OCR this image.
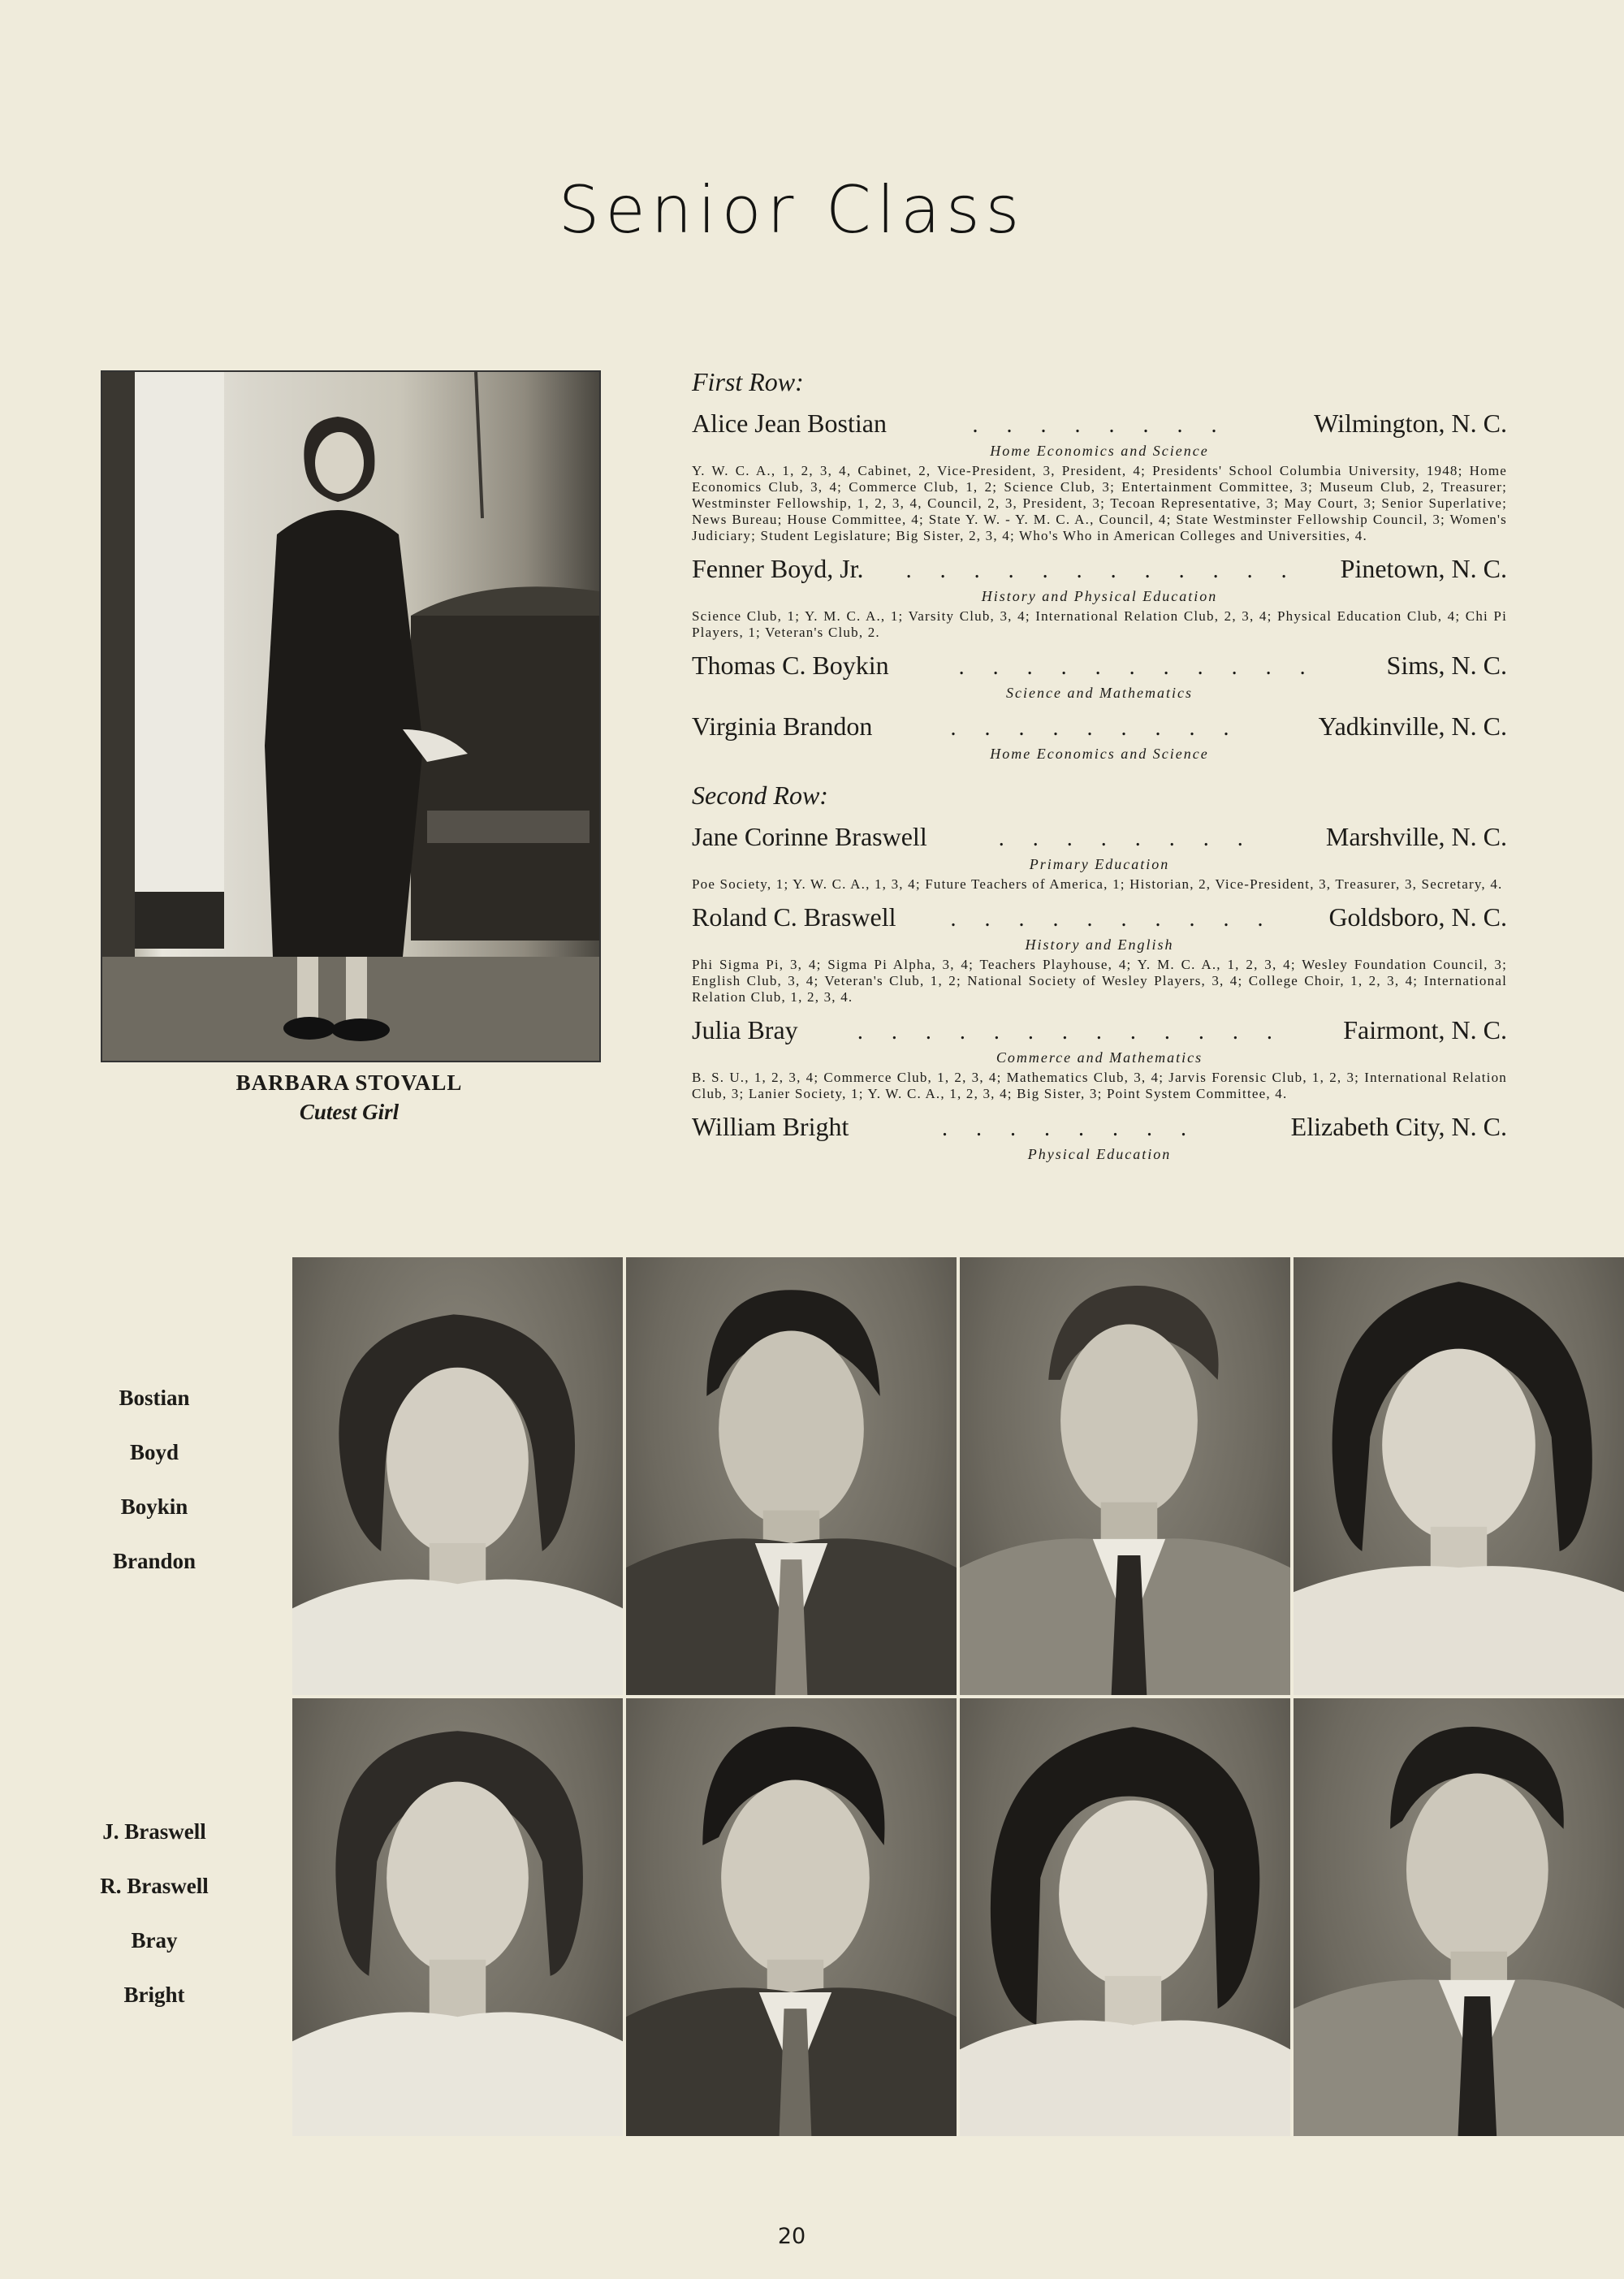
Senior Class
BARBARA STOVALL
Cutest Girl
First Row:
Alice Jean Bostian	. . . . . . . .	Wilmington, N. C.
Home Economics and Science
Y. W. C. A., 1, 2, 3, 4, Cabinet, 2, Vice-President, 3, President, 4; Presidents' School Columbia University, 1948; Home Economics Club, 3, 4; Commerce Club, 1, 2; Science Club, 3; Entertainment Committee, 3; Museum Club, 2, Treasurer; Westminster Fellowship, 1, 2, 3, 4, Council, 2, 3, President, 3; Tecoan Representative, 3; May Court, 3; Senior Superlative; News Bureau; House Committee, 4; State Y. W. - Y. M. C. A., Council, 4; State Westminster Fellowship Council, 3; Women's Judiciary; Student Legislature; Big Sister, 2, 3, 4; Who's Who in American Colleges and Universities, 4.
Fenner Boyd, Jr.	. . . . . . . . . . . .	Pinetown, N. C.
History and Physical Education
Science Club, 1; Y. M. C. A., 1; Varsity Club, 3, 4; International Relation Club, 2, 3, 4; Physical Education Club, 4; Chi Pi Players, 1; Veteran's Club, 2.
Thomas C. Boykin	. . . . . . . . . . .	Sims, N. C.
Science and Mathematics
Virginia Brandon	. . . . . . . . .	Yadkinville, N. C.
Home Economics and Science
Second Row:
Jane Corinne Braswell	. . . . . . . .	Marshville, N. C.
Primary Education
Poe Society, 1; Y. W. C. A., 1, 3, 4; Future Teachers of America, 1; Historian, 2, Vice-President, 3, Treasurer, 3, Secretary, 4.
Roland C. Braswell	. . . . . . . . . .	Goldsboro, N. C.
History and English
Phi Sigma Pi, 3, 4; Sigma Pi Alpha, 3, 4; Teachers Playhouse, 4; Y. M. C. A., 1, 2, 3, 4; Wesley Foundation Council, 3; English Club, 3, 4; Veteran's Club, 1, 2; National Society of Wesley Players, 3, 4; College Choir, 1, 2, 3, 4; International Relation Club, 1, 2, 3, 4.
Julia Bray	. . . . . . . . . . . . .	Fairmont, N. C.
Commerce and Mathematics
B. S. U., 1, 2, 3, 4; Commerce Club, 1, 2, 3, 4; Mathematics Club, 3, 4; Jarvis Forensic Club, 1, 2, 3; International Relation Club, 3; Lanier Society, 1; Y. W. C. A., 1, 2, 3, 4; Big Sister, 3; Point System Committee, 4.
William Bright	. . . . . . . .	Elizabeth City, N. C.
Physical Education
Bostian
Boyd
Boykin
Brandon
J. Braswell
R. Braswell
Bray
Bright
20
